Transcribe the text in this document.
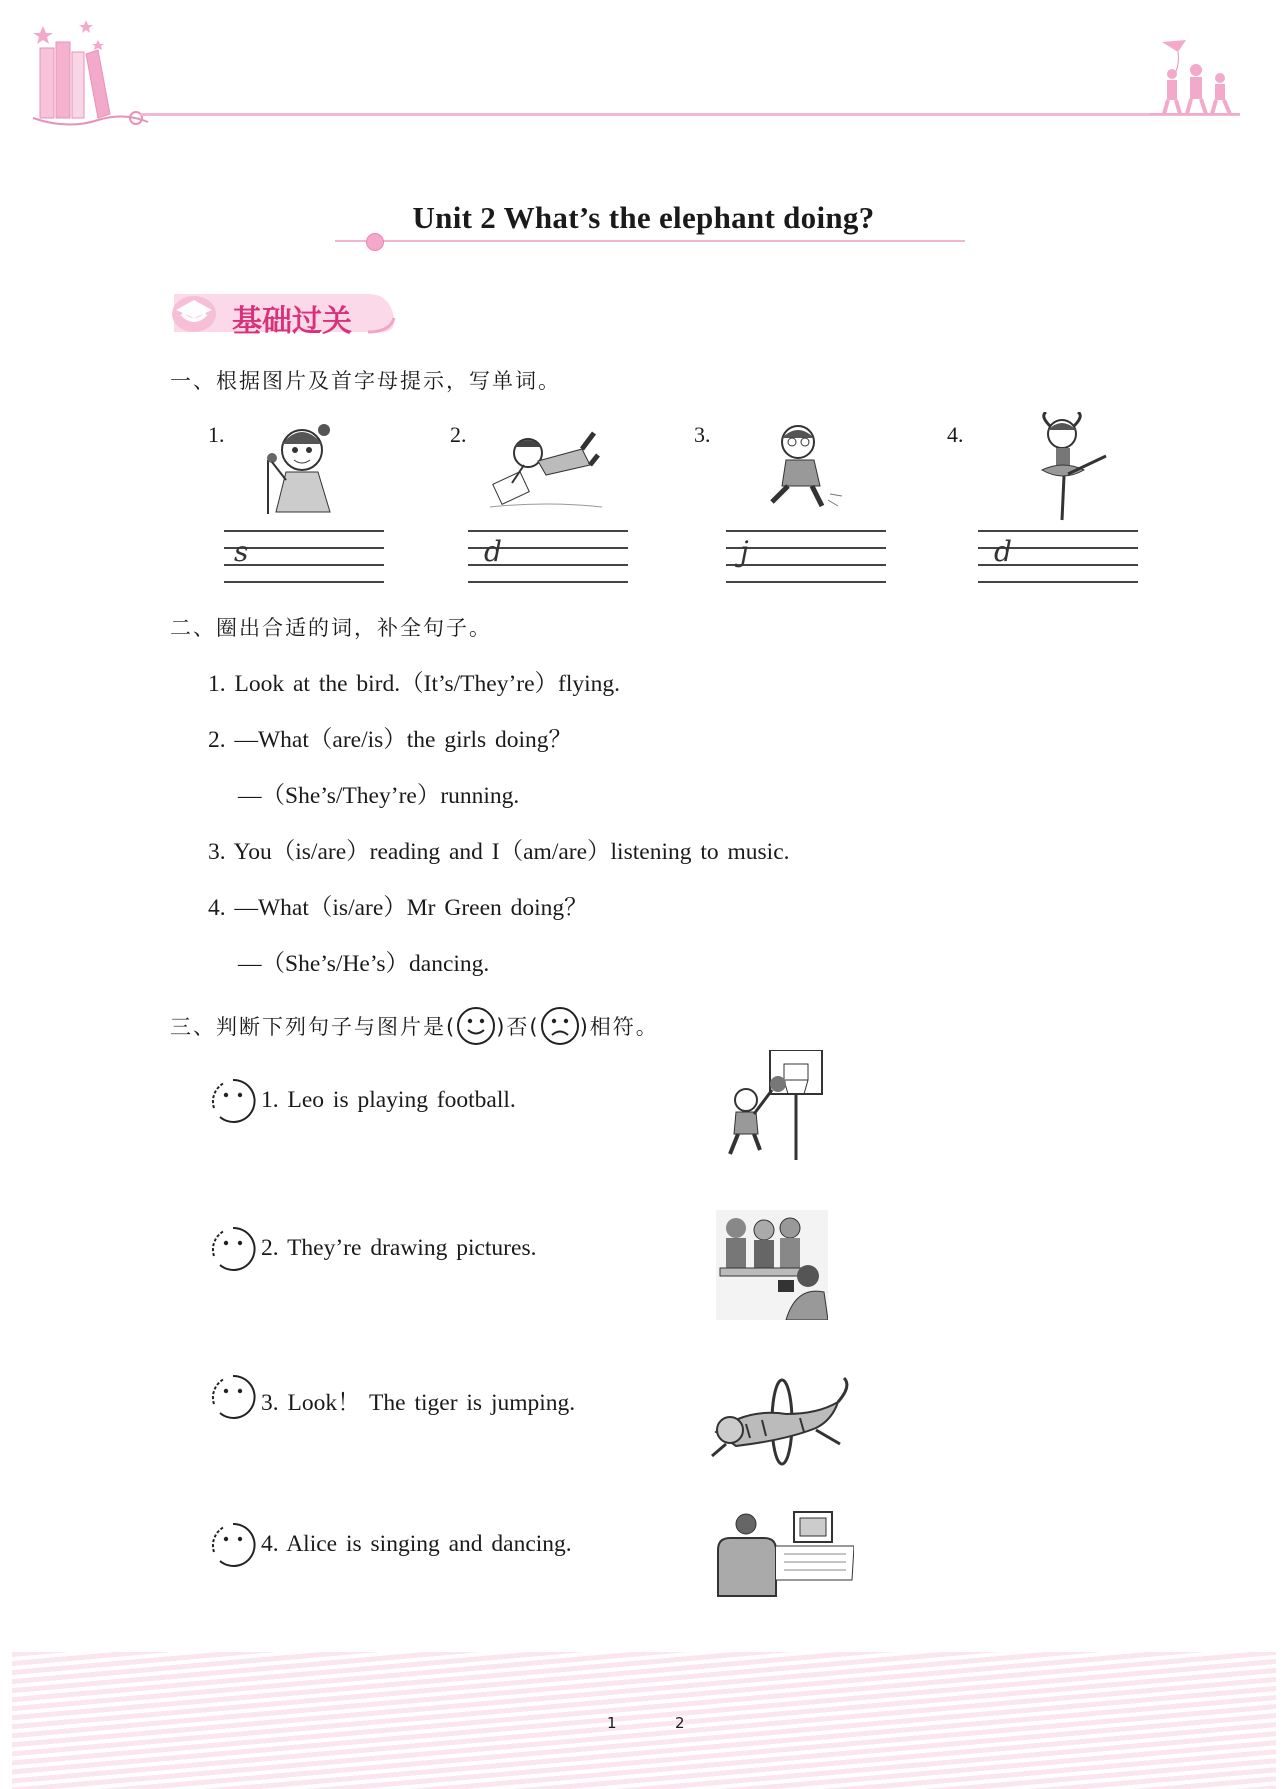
Unit 2 What’s the elephant doing?
基础过关
一、根据图片及首字母提示，写单词。
1.
s
2.
d
3.
j
4.
d
二、圈出合适的词，补全句子。
1. Look at the bird.（It’s/They’re）flying.
2. —What（are/is）the girls doing？
—（She’s/They’re）running.
3. You（is/are）reading and I（am/are）listening to music.
4. —What（is/are）Mr Green doing？
—（She’s/He’s）dancing.
三、判断下列句子与图片是( )否( )相符。
1. Leo is playing football.
2. They’re drawing pictures.
3. Look！ The tiger is jumping.
4. Alice is singing and dancing.
1	2
